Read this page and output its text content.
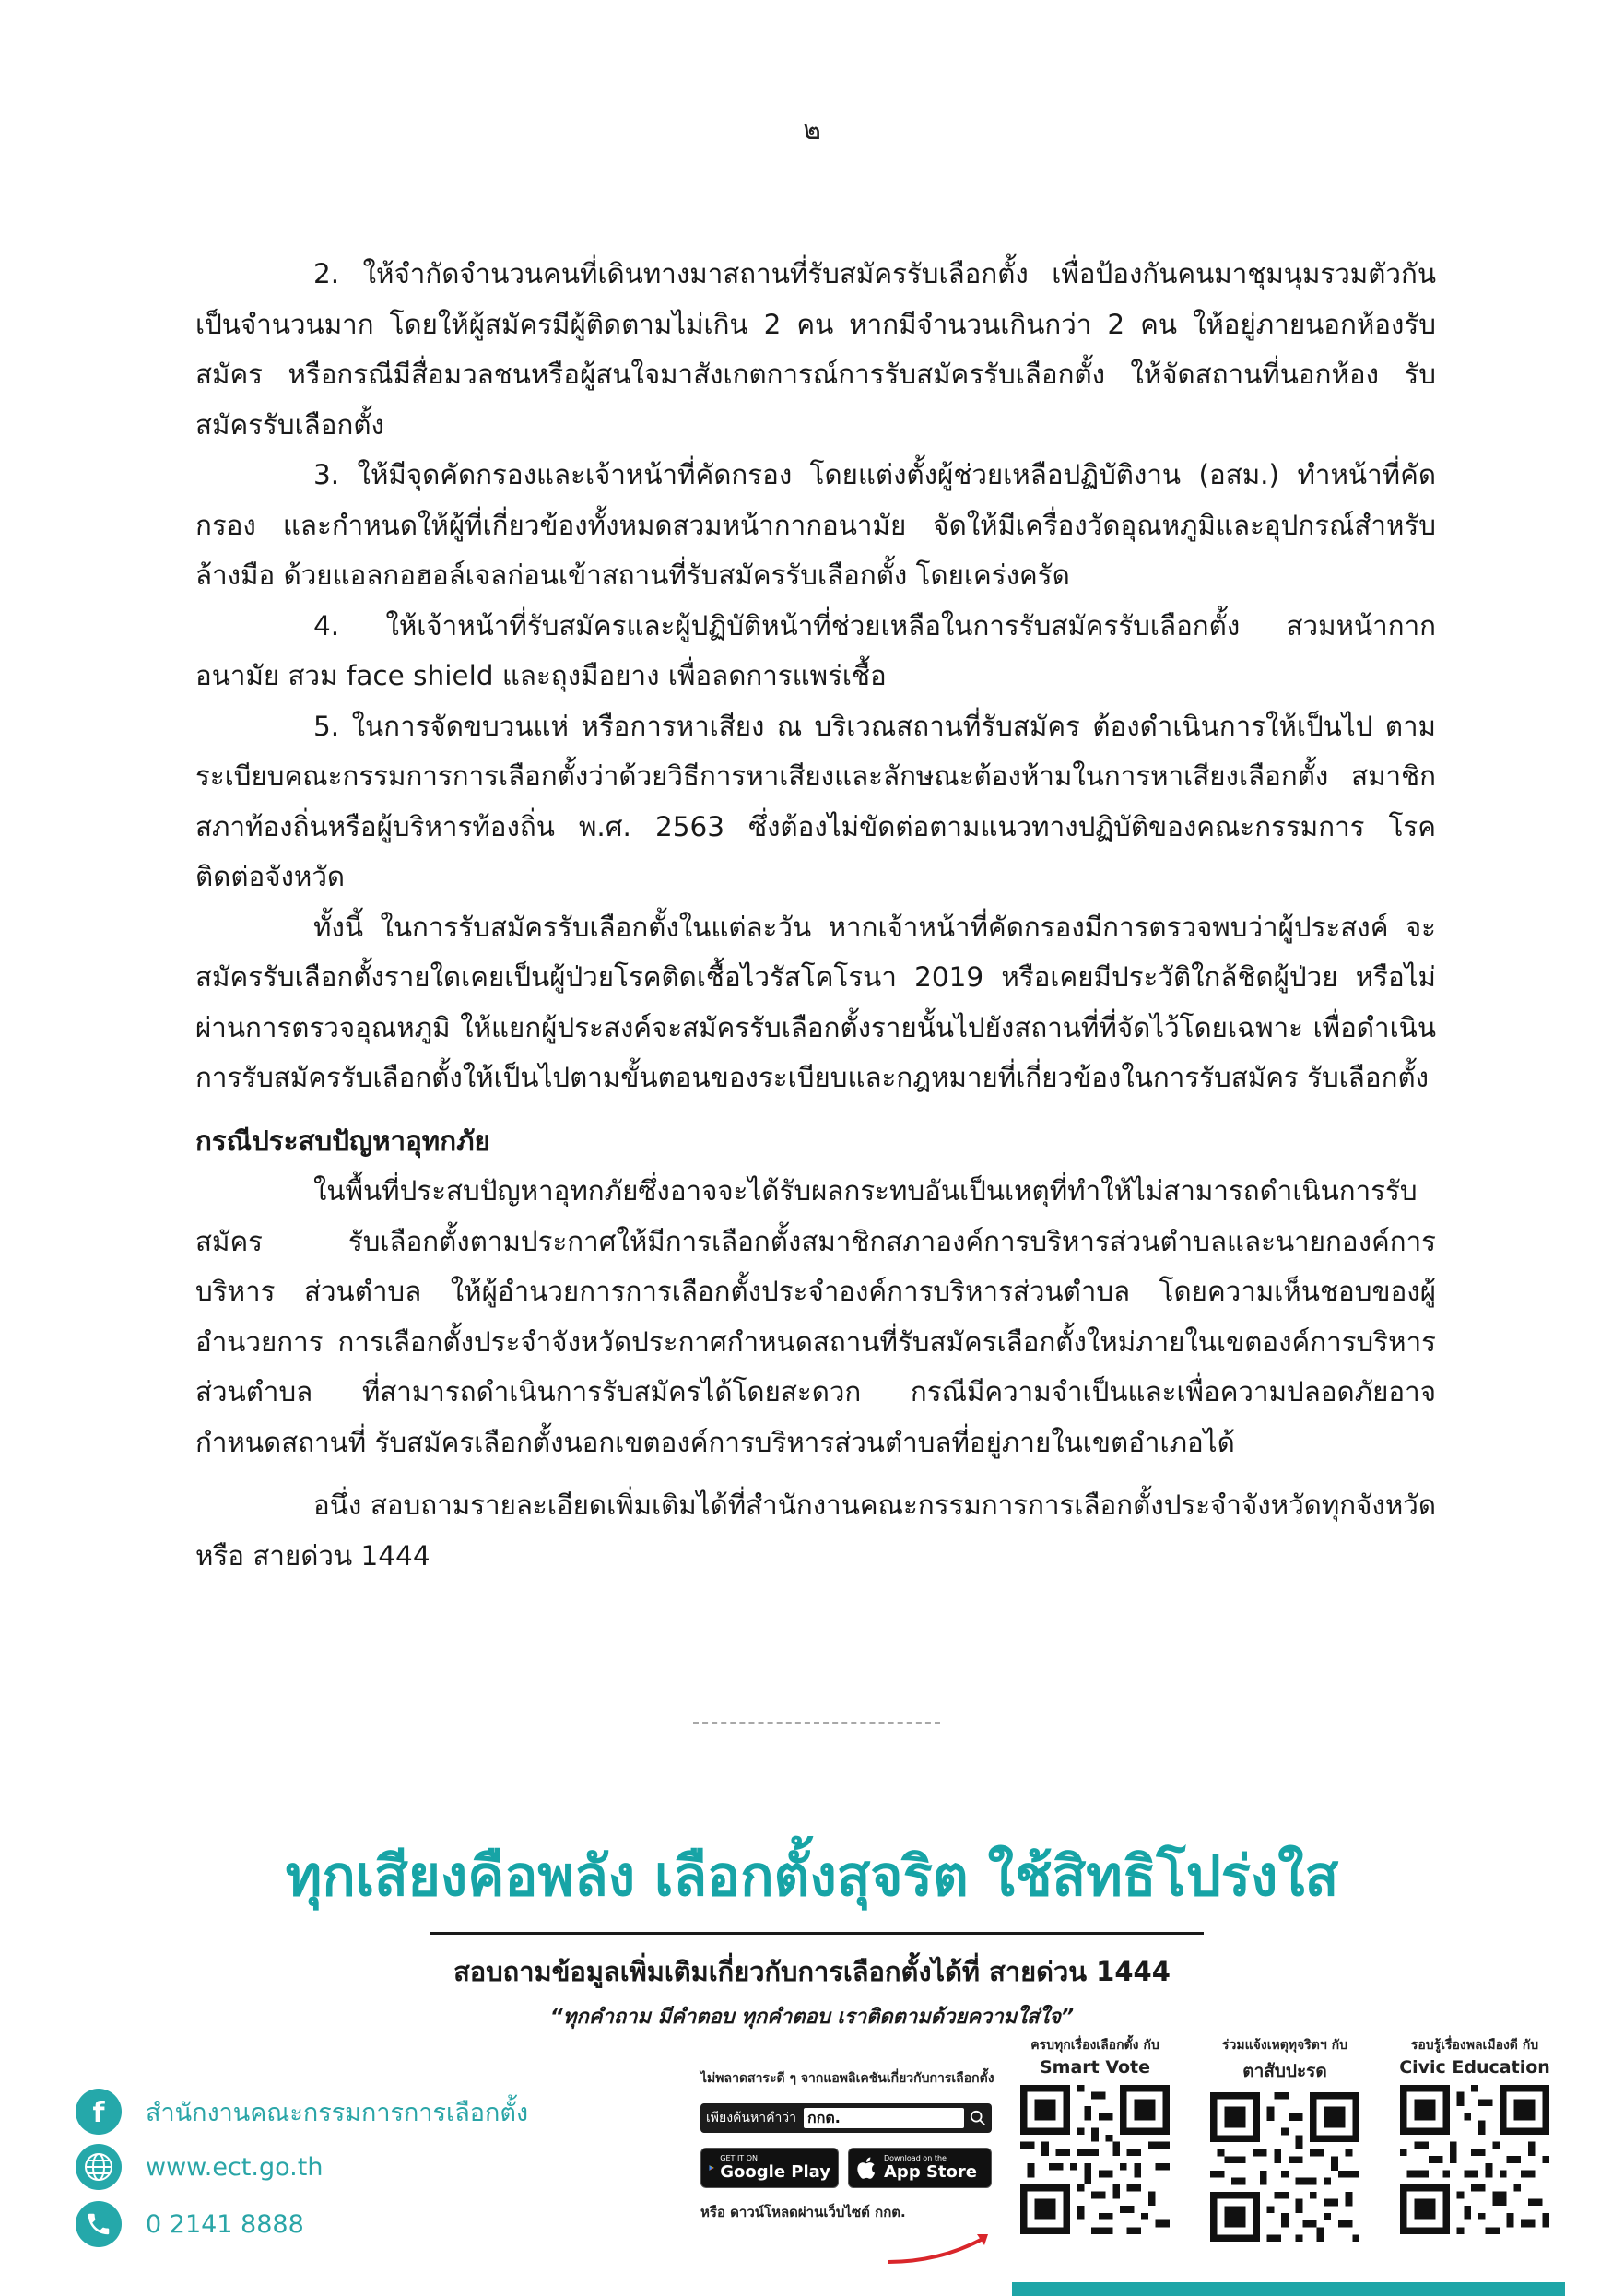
๒

2. ให้จำกัดจำนวนคนที่เดินทางมาสถานที่รับสมัครรับเลือกตั้ง เพื่อป้องกันคนมาชุมนุมรวมตัวกัน เป็นจำนวนมาก โดยให้ผู้สมัครมีผู้ติดตามไม่เกิน 2 คน หากมีจำนวนเกินกว่า 2 คน ให้อยู่ภายนอกห้องรับสมัคร หรือกรณีมีสื่อมวลชนหรือผู้สนใจมาสังเกตการณ์การรับสมัครรับเลือกตั้ง ให้จัดสถานที่นอกห้อง รับสมัครรับเลือกตั้ง

3. ให้มีจุดคัดกรองและเจ้าหน้าที่คัดกรอง โดยแต่งตั้งผู้ช่วยเหลือปฏิบัติงาน (อสม.) ทำหน้าที่คัดกรอง และกำหนดให้ผู้ที่เกี่ยวข้องทั้งหมดสวมหน้ากากอนามัย จัดให้มีเครื่องวัดอุณหภูมิและอุปกรณ์สำหรับล้างมือ ด้วยแอลกอฮอล์เจลก่อนเข้าสถานที่รับสมัครรับเลือกตั้ง โดยเคร่งครัด

4. ให้เจ้าหน้าที่รับสมัครและผู้ปฏิบัติหน้าที่ช่วยเหลือในการรับสมัครรับเลือกตั้ง สวมหน้ากาก อนามัย สวม face shield และถุงมือยาง เพื่อลดการแพร่เชื้อ

5. ในการจัดขบวนแห่ หรือการหาเสียง ณ บริเวณสถานที่รับสมัคร ต้องดำเนินการให้เป็นไป ตามระเบียบคณะกรรมการการเลือกตั้งว่าด้วยวิธีการหาเสียงและลักษณะต้องห้ามในการหาเสียงเลือกตั้ง สมาชิกสภาท้องถิ่นหรือผู้บริหารท้องถิ่น พ.ศ. 2563 ซึ่งต้องไม่ขัดต่อตามแนวทางปฏิบัติของคณะกรรมการ โรคติดต่อจังหวัด

ทั้งนี้ ในการรับสมัครรับเลือกตั้งในแต่ละวัน หากเจ้าหน้าที่คัดกรองมีการตรวจพบว่าผู้ประสงค์ จะสมัครรับเลือกตั้งรายใดเคยเป็นผู้ป่วยโรคติดเชื้อไวรัสโคโรนา 2019 หรือเคยมีประวัติใกล้ชิดผู้ป่วย หรือไม่ผ่านการตรวจอุณหภูมิ ให้แยกผู้ประสงค์จะสมัครรับเลือกตั้งรายนั้นไปยังสถานที่ที่จัดไว้โดยเฉพาะ เพื่อดำเนินการรับสมัครรับเลือกตั้งให้เป็นไปตามขั้นตอนของระเบียบและกฎหมายที่เกี่ยวข้องในการรับสมัคร รับเลือกตั้ง

กรณีประสบปัญหาอุทกภัย

ในพื้นที่ประสบปัญหาอุทกภัยซึ่งอาจจะได้รับผลกระทบอันเป็นเหตุที่ทำให้ไม่สามารถดำเนินการรับสมัคร รับเลือกตั้งตามประกาศให้มีการเลือกตั้งสมาชิกสภาองค์การบริหารส่วนตำบลและนายกองค์การบริหาร ส่วนตำบล ให้ผู้อำนวยการการเลือกตั้งประจำองค์การบริหารส่วนตำบล โดยความเห็นชอบของผู้อำนวยการ การเลือกตั้งประจำจังหวัดประกาศกำหนดสถานที่รับสมัครเลือกตั้งใหม่ภายในเขตองค์การบริหารส่วนตำบล ที่สามารถดำเนินการรับสมัครได้โดยสะดวก กรณีมีความจำเป็นและเพื่อความปลอดภัยอาจกำหนดสถานที่ รับสมัครเลือกตั้งนอกเขตองค์การบริหารส่วนตำบลที่อยู่ภายในเขตอำเภอได้

อนึ่ง สอบถามรายละเอียดเพิ่มเติมได้ที่สำนักงานคณะกรรมการการเลือกตั้งประจำจังหวัดทุกจังหวัด หรือ สายด่วน 1444

ทุกเสียงคือพลัง เลือกตั้งสุจริต ใช้สิทธิโปร่งใส
สอบถามข้อมูลเพิ่มเติมเกี่ยวกับการเลือกตั้งได้ที่ สายด่วน 1444
“ทุกคำถาม มีคำตอบ ทุกคำตอบ เราติดตามด้วยความใส่ใจ”
f สำนักงานคณะกรรมการการเลือกตั้ง
www.ect.go.th
0 2141 8888
ไม่พลาดสาระดี ๆ จากแอพลิเคชันเกี่ยวกับการเลือกตั้ง
เพียงค้นหาคำว่า กกต.
GET IT ON
Google Play
Download on the
App Store
หรือ ดาวน์โหลดผ่านเว็บไซต์ กกต.
ครบทุกเรื่องเลือกตั้ง กับ
Smart Vote
ร่วมแจ้งเหตุทุจริตฯ กับ
ตาสับปะรด
รอบรู้เรื่องพลเมืองดี กับ
Civic Education
